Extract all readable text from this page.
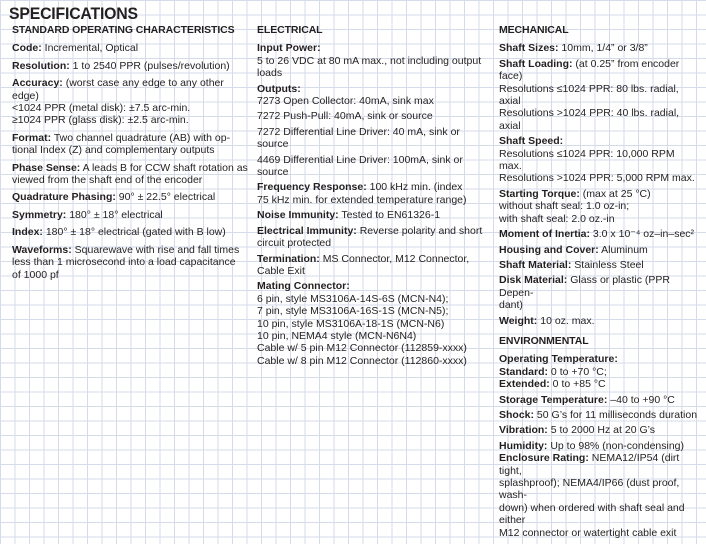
SPECIFICATIONS
STANDARD OPERATING CHARACTERISTICS
Code: Incremental, Optical
Resolution: 1 to 2540 PPR (pulses/revolution)
Accuracy: (worst case any edge to any other edge)
<1024 PPR (metal disk): ±7.5 arc-min.
≥1024 PPR (glass disk): ±2.5 arc-min.
Format: Two channel quadrature (AB) with op-
tional Index (Z) and complementary outputs
Phase Sense: A leads B for CCW shaft rotation as
viewed from the shaft end of the encoder
Quadrature Phasing: 90° ± 22.5° electrical
Symmetry: 180° ± 18° electrical
Index: 180° ± 18° electrical (gated with B low)
Waveforms: Squarewave with rise and fall times
less than 1 microsecond into a load capacitance
of 1000 pf
ELECTRICAL
Input Power:
5 to 26 VDC at 80 mA max., not including output
loads
Outputs:
7273 Open Collector: 40mA, sink max
7272 Push-Pull: 40mA, sink or source
7272 Differential Line Driver: 40 mA, sink or
source
4469 Differential Line Driver: 100mA, sink or
source
Frequency Response: 100 kHz min. (index
75 kHz min. for extended temperature range)
Noise Immunity: Tested to EN61326-1
Electrical Immunity: Reverse polarity and short
circuit protected
Termination: MS Connector, M12 Connector,
Cable Exit
Mating Connector:
6 pin, style MS3106A-14S-6S (MCN-N4);
7 pin, style MS3106A-16S-1S (MCN-N5);
10 pin, style MS3106A-18-1S (MCN-N6)
10 pin, NEMA4 style (MCN-N6N4)
Cable w/ 5 pin M12 Connector (112859-xxxx)
Cable w/ 8 pin M12 Connector (112860-xxxx)
MECHANICAL
Shaft Sizes: 10mm, 1/4” or 3/8”
Shaft Loading: (at 0.25” from encoder face)
Resolutions ≤1024 PPR: 80 lbs. radial, axial
Resolutions >1024 PPR: 40 lbs. radial, axial
Shaft Speed:
Resolutions ≤1024 PPR: 10,000 RPM max.
Resolutions >1024 PPR: 5,000 RPM max.
Starting Torque: (max at 25 °C)
without shaft seal: 1.0 oz-in;
with shaft seal: 2.0 oz.-in
Moment of Inertia: 3.0 x 10⁻⁴ oz–in–sec²
Housing and Cover: Aluminum
Shaft Material: Stainless Steel
Disk Material: Glass or plastic (PPR Depen-
dant)
Weight: 10 oz. max.
ENVIRONMENTAL
Operating Temperature:
Standard: 0 to +70 °C;
Extended: 0 to +85 °C
Storage Temperature: –40 to +90 °C
Shock: 50 G’s for 11 milliseconds duration
Vibration: 5 to 2000 Hz at 20 G’s
Humidity: Up to 98% (non-condensing)
Enclosure Rating: NEMA12/IP54 (dirt tight,
splashproof); NEMA4/IP66 (dust proof, wash-
down) when ordered with shaft seal and either
M12 connector or watertight cable exit
